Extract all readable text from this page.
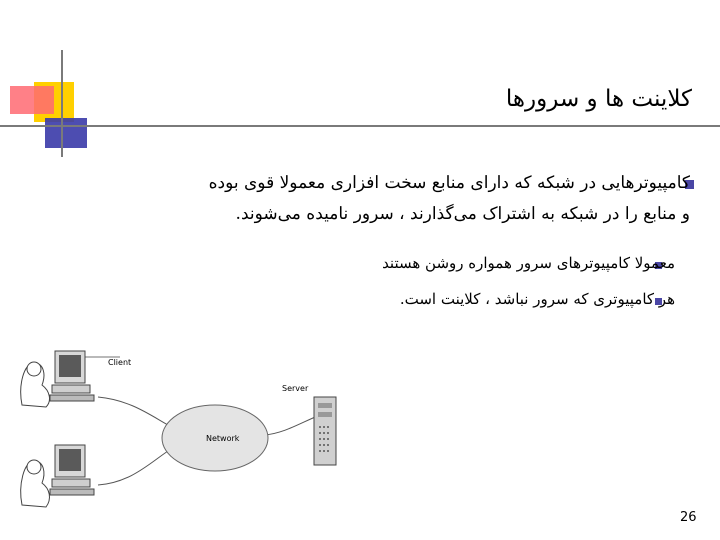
کلاینت ها و سرورها
کامپیوترهایی در شبکه که دارای منابع سخت افزاری معمولا قوی بوده
و منابع را در شبکه به اشتراک می‌گذارند ، سرور نامیده می‌شوند.
معمولا کامپیوترهای سرور همواره روشن هستند
هر کامپیوتری که سرور نباشد ، کلاینت است.
Network
Client
Server
26
